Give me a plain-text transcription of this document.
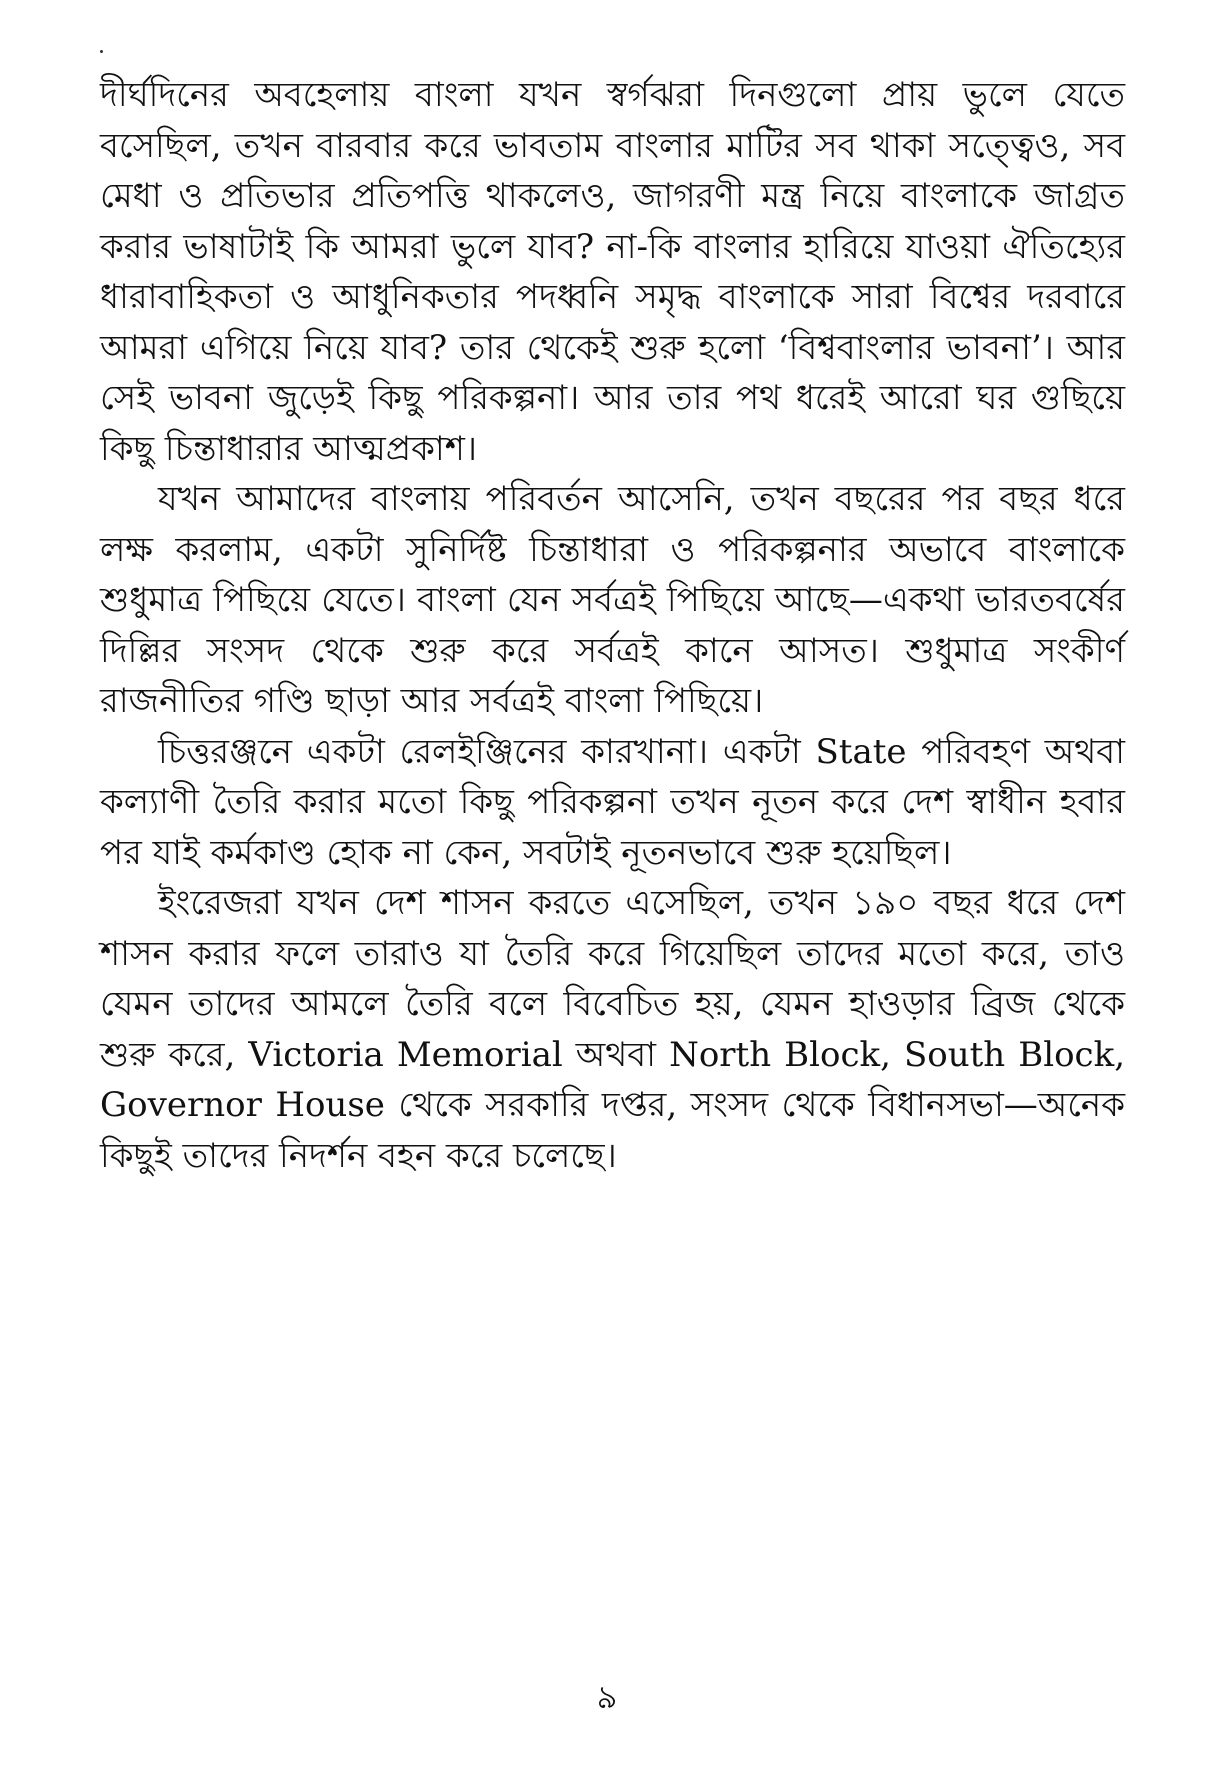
দীর্ঘদিনের অবহেলায় বাংলা যখন স্বর্গঝরা দিনগুলো প্রায় ভুলে যেতে বসেছিল, তখন বারবার করে ভাবতাম বাংলার মাটির সব থাকা সত্ত্বেও, সব মেধা ও প্রতিভার প্রতিপত্তি থাকলেও, জাগরণী মন্ত্র নিয়ে বাংলাকে জাগ্রত করার ভাষাটাই কি আমরা ভুলে যাব? না-কি বাংলার হারিয়ে যাওয়া ঐতিহ্যের ধারাবাহিকতা ও আধুনিকতার পদধ্বনি সমৃদ্ধ বাংলাকে সারা বিশ্বের দরবারে আমরা এগিয়ে নিয়ে যাব? তার থেকেই শুরু হলো ‘বিশ্ববাংলার ভাবনা’। আর সেই ভাবনা জুড়েই কিছু পরিকল্পনা। আর তার পথ ধরেই আরো ঘর গুছিয়ে কিছু চিন্তাধারার আত্মপ্রকাশ।

যখন আমাদের বাংলায় পরিবর্তন আসেনি, তখন বছরের পর বছর ধরে লক্ষ করলাম, একটা সুনির্দিষ্ট চিন্তাধারা ও পরিকল্পনার অভাবে বাংলাকে শুধুমাত্র পিছিয়ে যেতে। বাংলা যেন সর্বত্রই পিছিয়ে আছে—একথা ভারতবর্ষের দিল্লির সংসদ থেকে শুরু করে সর্বত্রই কানে আসত। শুধুমাত্র সংকীর্ণ রাজনীতির গণ্ডি ছাড়া আর সর্বত্রই বাংলা পিছিয়ে।

চিত্তরঞ্জনে একটা রেলইঞ্জিনের কারখানা। একটা State পরিবহণ অথবা কল্যাণী তৈরি করার মতো কিছু পরিকল্পনা তখন নূতন করে দেশ স্বাধীন হবার পর যাই কর্মকাণ্ড হোক না কেন, সবটাই নূতনভাবে শুরু হয়েছিল।

ইংরেজরা যখন দেশ শাসন করতে এসেছিল, তখন ১৯০ বছর ধরে দেশ শাসন করার ফলে তারাও যা তৈরি করে গিয়েছিল তাদের মতো করে, তাও যেমন তাদের আমলে তৈরি বলে বিবেচিত হয়, যেমন হাওড়ার ব্রিজ থেকে শুরু করে, Victoria Memorial অথবা North Block, South Block, Governor House থেকে সরকারি দপ্তর, সংসদ থেকে বিধানসভা—অনেক কিছুই তাদের নিদর্শন বহন করে চলেছে।

৯
